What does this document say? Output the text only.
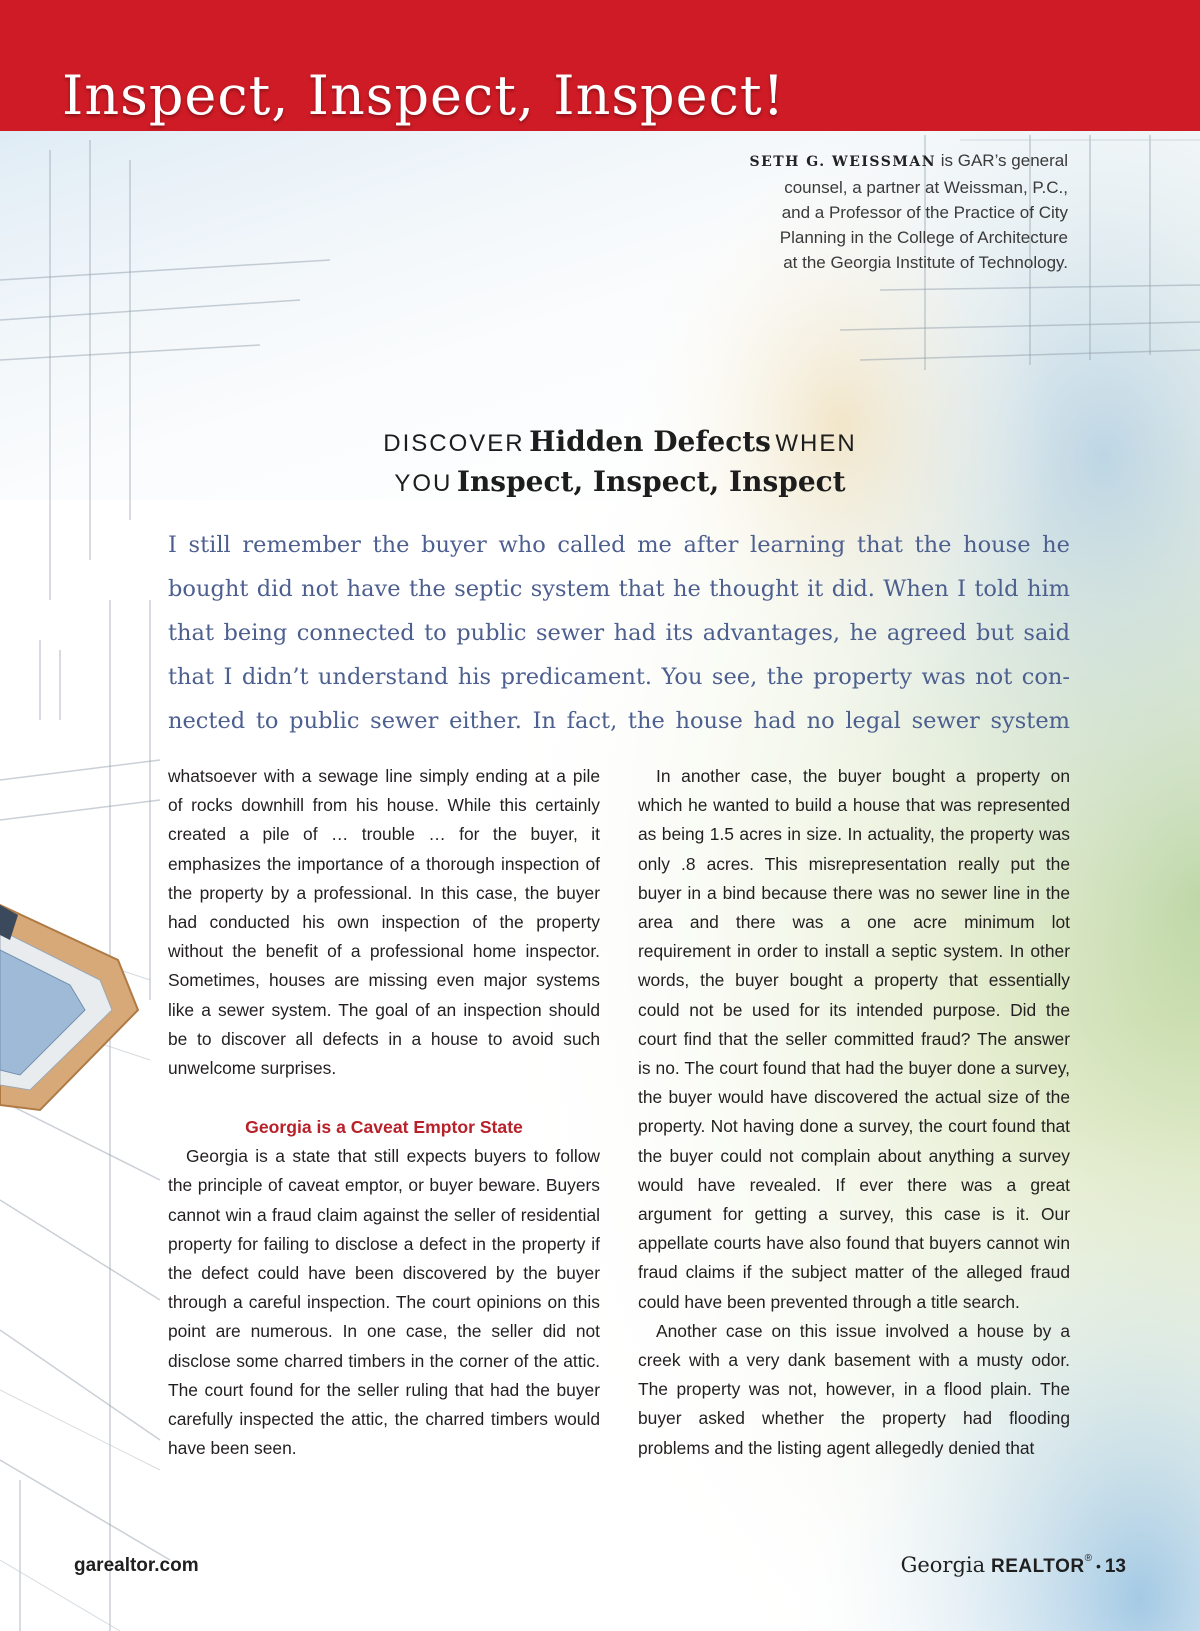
Inspect, Inspect, Inspect!
SETH G. WEISSMAN is GAR’s general
counsel, a partner at Weissman, P.C.,
and a Professor of the Practice of City
Planning in the College of Architecture
at the Georgia Institute of Technology.
DISCOVER Hidden Defects WHEN
YOU Inspect, Inspect, Inspect
I still remember the buyer who called me after learning that the house he
bought did not have the septic system that he thought it did. When I told him
that being connected to public sewer had its advantages, he agreed but said
that I didn’t understand his predicament. You see, the property was not con-
nected to public sewer either. In fact, the house had no legal sewer system

whatsoever with a sewage line simply ending at a pile of rocks downhill from his house. While this certainly created a pile of … trouble … for the buyer, it emphasizes the importance of a thorough inspection of the property by a professional. In this case, the buyer had conducted his own inspection of the property without the benefit of a professional home inspector. Sometimes, houses are missing even major systems like a sewer system. The goal of an inspection should be to discover all defects in a house to avoid such unwelcome surprises.

Georgia is a Caveat Emptor State

Georgia is a state that still expects buyers to follow the principle of caveat emptor, or buyer beware. Buyers cannot win a fraud claim against the seller of residential property for failing to disclose a defect in the property if the defect could have been discovered by the buyer through a careful inspection. The court opinions on this point are numerous. In one case, the seller did not disclose some charred timbers in the corner of the attic. The court found for the seller ruling that had the buyer carefully inspected the attic, the charred timbers would have been seen.

In another case, the buyer bought a property on which he wanted to build a house that was represented as being 1.5 acres in size. In actuality, the property was only .8 acres. This misrepresentation really put the buyer in a bind because there was no sewer line in the area and there was a one acre minimum lot requirement in order to install a septic system. In other words, the buyer bought a property that essentially could not be used for its intended purpose. Did the court find that the seller committed fraud? The answer is no. The court found that had the buyer done a survey, the buyer would have discovered the actual size of the property. Not having done a survey, the court found that the buyer could not complain about anything a survey would have revealed. If ever there was a great argument for getting a survey, this case is it. Our appellate courts have also found that buyers cannot win fraud claims if the subject matter of the alleged fraud could have been prevented through a title search.

Another case on this issue involved a house by a creek with a very dank basement with a musty odor. The property was not, however, in a flood plain. The buyer asked whether the property had flooding problems and the listing agent allegedly denied that

garealtor.com	Georgia REALTOR® • 13
